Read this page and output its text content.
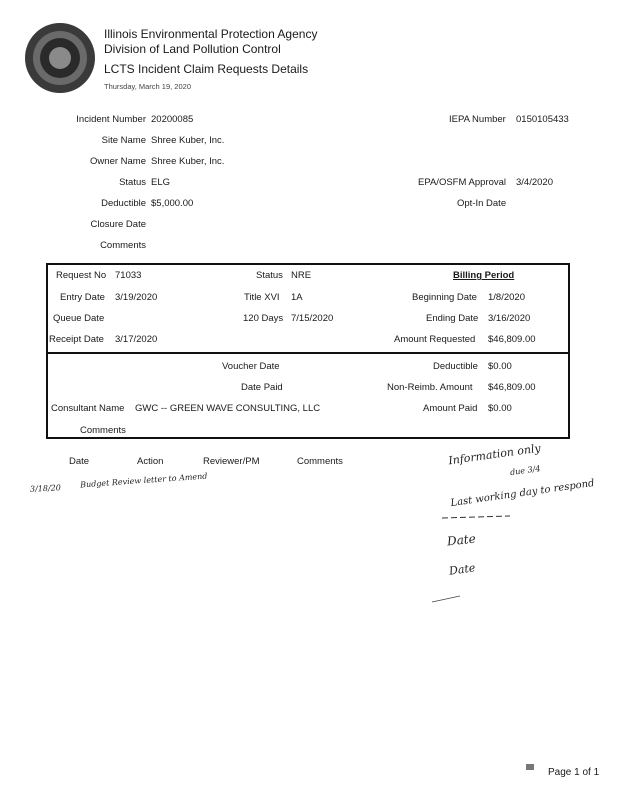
Illinois Environmental Protection Agency
Division of Land Pollution Control
LCTS Incident Claim Requests Details
Thursday, March 19, 2020
Incident Number 20200085	IEPA Number 0150105433
Site Name Shree Kuber, Inc.
Owner Name Shree Kuber, Inc.
Status ELG	EPA/OSFM Approval 3/4/2020
Deductible $5,000.00	Opt-In Date
Closure Date
Comments
Request No 71033	Status NRE	Billing Period
Entry Date 3/19/2020	Title XVI 1A	Beginning Date 1/8/2020
Queue Date	120 Days 7/15/2020	Ending Date 3/16/2020
Receipt Date 3/17/2020	Amount Requested $46,809.00
Voucher Date	Deductible $0.00
Date Paid	Non-Reimb. Amount $46,809.00
Consultant Name GWC -- GREEN WAVE CONSULTING, LLC	Amount Paid $0.00
Comments
Date	Action	Reviewer/PM	Comments
3/18/20 Budget Review letter to Amend
Information only
due 3/4
Last working day to respond
Date
Date
Page 1 of 1
